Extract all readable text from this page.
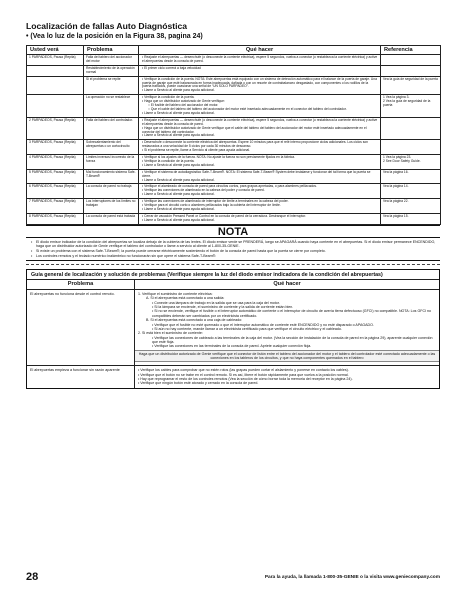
Localización de fallas Auto Diagnóstica
• (Vea lo luz de la posición en la Figura 38, pagina 24)
Usted verá	Problema	Qué hacer	Referencia
1 PARPADEOS, Pausa (Repita)	Falla del tablero del accionador del motor	• Reajuste el abrepuertas — desenchufe (o desconecte la corriente eléctrica), espere 5 segundos, vuelva a conectar (o restablezca la corriente eléctrica) y active el abrepuertas desde la consola de pared.	

	Restablecimiento de la operación normal	• El primer ciclo correrá a baja velocidad	

	Si el problema se repite	• Verifique la condición de la puerta. NOTA: Este abrepuertas está equipado con un sistema de detección automático para el balance de la puerta de garaje. Una puerta de garaje que esté balanceada en forma inadecuada, dañada o con un resorte de contrabalanceo desgastado, con componentes o los rodillos de la puerta trabados, puede ocasionar una señal de “UN SOLO PARPADEO”.
• Llame a Servicio al cliente para ayuda adicional.	Vea la guía de seguridad de la puerta
	La operación no se restablece	• Verifique la condición de la puerta.
• Haga que un distribuidor autorizado de Genie verifique:
○ El fusible del tablero del accionador del motor.
○ Que el cable del tablero del tablero del accionador del motor esté insertado adecuadamente en el conector del tablero del controlador.
• Llame a Servicio al cliente para ayuda adicional.	1 Vea la página 3.
2 Vea la guía de seguridad de la puerta
2 PARPADEOS, Pausa (Repita)	Falla del tablero del controlador.	• Reajuste el abrepuertas — desenchufe (o desconecte la corriente eléctrica), espere 5 segundos, vuelva a conectar (o restablezca la corriente eléctrica) y active el abrepuertas desde la consola de pared.
• Haga que un distribuidor autorizado de Genie verifique que el cable del tablero del tablero del accionador del motor esté insertado adecuadamente en el conector del tablero del controlador.
• Llame a Servicio al cliente para ayuda adicional.	

3 PARPADEOS, Pausa (Repita)	Sobrecalentamiento del abrepuertas o un cortocircuito	• Desenchufe o desconecte la corriente eléctrica del abrepuertas. Espere 10 minutos para que el relé interno proporcione ciclos adicionales. Los ciclos son restaurados a una velocidad de 5 ciclos por cada 30 minutos de descanso.
• Si el problema se repite, llame a Servicio al cliente para ayuda adicional.	

4 PARPADEOS, Pausa (Repita)	Límites inversos/ incorrecto de la fuerza	• Verifique si los ajustes de la fuerza. NOTA: No ajuste la fuerza no son previamente fijados en la fábrica.
• Verifique la condición de la puerta.
• Llame a Servicio al cliente para ayuda adicional.	1 Vea la página 23.
2 See Door Safety Guide.
5 PARPADEOS, Pausa (Repita)	Mal funcionamiento sistema Safe-T-Beam®	• Verifique el sistema de autodiagnóstico Safe-T-Beam®. NOTA: El sistema Safe-T-Beam® System debe instalarse y funcionar del tal forma que la puerta se cierre.
• Llame a Servicio al cliente para ayuda adicional.	Vea la página 16.
6 PARPADEOS, Pausa (Repita)	La consola de pared no trabaja	• Verifique el alambrado de consola de pared para circuitos cortos, para grapas apretadas, o para alambres pellizcados.
• Verifique las conexiones de alambrado en la cabeza del poder y consola de pared.
• Llame a Servicio al cliente para ayuda adicional.	Vea la página 14.
7 PARPADEOS, Pausa (Repita)	Los interruptores de los límites no trabajan	• Verifique las conexiones de alambrado de interruptor de límite a terminales en la cabeza del poder.
• Verifique para el circuitó corto o alambres pellizcados bajo la cubierta del interruptor de límite.
• Llame a Servicio al cliente para ayuda adicional.	Vea la página 22.
8 PARPADEOS, Pausa (Repita)	La consola de pared está trabada	• Cerrar de vacación Pressed Panel or Control en la consola de pared de la cerradura. Destranque el interruptor.
• Llame a Servicio al cliente para ayuda adicional.	Vea la página 15.
NOTA
• El diodo emisor indicador de la condición del abrepuertas se localiza debajo de la cubierta de las lentes. El diodo emisor verde se PRENDERÁ, luego se APAGARÁ cuando haya corriente en el abrepuertas. Si el diodo emisor permanece ENCENDIDO, haga que un distribuidor autorizado de Genie verifique el tablero del controlador o llame a servicio al cliente al 1-800-35-GENIE.
• Si existe un problema con el sistema Safe-T-Beam®, la puerta puede cerrarse eléctricamente sosteniendo el botón de la consola de pared hasta que la puerta se cierre por completo.
• Los controles remotos y el teclado numérico inalámbrico no funcionarán sin que opere el sistema Safe-T-Beam®.
Guía general de localización y solución de problemas (Verifique siempre la luz del diodo emisor indicadora de la condición del abrepuertas)
Problema	Qué hacer
El abrepuertas no funciona desde el control remoto.	1. Verifique el suministro de corriente eléctrica:
A. Si el abrepuertas está conectado a una salida:
• Conecte una lámpara de trabajo en la salida que se usa para la caja del motor.
• Si la lámpara se enciende, el suministro de corriente y la salida de corriente están bien.
• Si no se enciende, verifique el fusible o el interruptor automático de corriente o el interruptor de circuito de avería tierra defectuoso (GFCI) no compatible. NOTA: Los GFCI no compatibles deberán ser cambiados por un electricista certificado.
B. Si el abrepuertas está conectado a una caja de cableado:
• Verifique que el fusible no esté quemado o que el interruptor automático de corriente esté ENCENDIDO y no esté disparado o APAGADO.
• Si aún no hay corriente, mande llamar a un electricista certificado para que verifique el circuito eléctrico y el cableado.
2. Si está bien el suministro de corriente:
• Verifique las conexiones de cableado a las terminales de la caja del motor. (Vea la sección de instalación de la consola de pared en la página 29), aparente cualquier conexión que esté floja.
• Verifique las conexiones en las terminales de la consola de pared. Apriete cualquier conexión floja.
Haga que un distribuidor autorizado de Genie verifique que el conector de listón entre el tablero del accionador del motor y el tablero del controlador esté conectado adecuadamente o las conexiones en los tableros de los circuitos, y que no haya componentes quemados en el tablero
El abrepuertas empieza a funcionar sin razón aparente	• Verifique los cables para comprobar que no estén rotos (las grapas pueden cortar el aislamiento y ponerse en contacto los cables).
• Verifique que el botón no se trabe en el control remoto. Si es así, libere el botón rápidamente para que vuelva a la posición normal.
• Hay que reprogramar el resto de los controles remotos (Vea la sección de cómo borrar toda la memoria del receptor en la página 24).
• Verifique que ningún botón esté atorado y cerrado en la consola de pared.
28	Para la ayuda, la llamada 1-800-35-GENIE o la visita www.geniecompany.com
